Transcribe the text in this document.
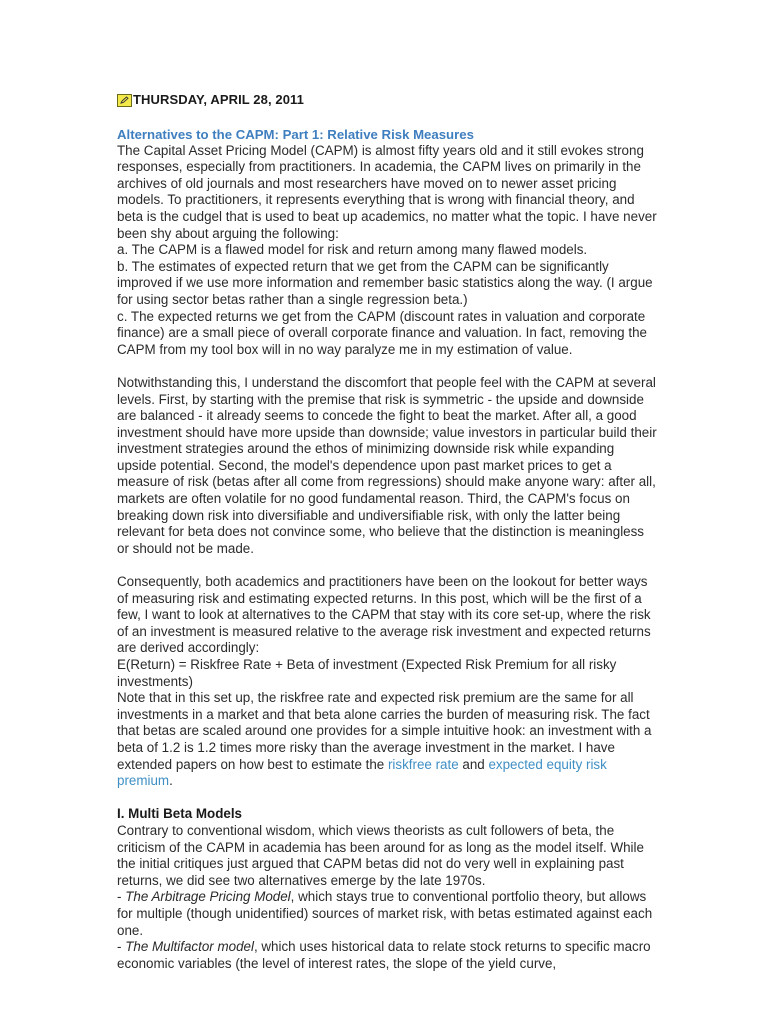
THURSDAY, APRIL 28, 2011
Alternatives to the CAPM: Part 1: Relative Risk Measures

The Capital Asset Pricing Model (CAPM) is almost fifty years old and it still evokes strong responses, especially from practitioners. In academia, the CAPM lives on primarily in the archives of old journals and most researchers have moved on to newer asset pricing models. To practitioners, it represents everything that is wrong with financial theory, and beta is the cudgel that is used to beat up academics, no matter what the topic. I have never been shy about arguing the following:

a. The CAPM is a flawed model for risk and return among many flawed models.

b. The estimates of expected return that we get from the CAPM can be significantly improved if we use more information and remember basic statistics along the way. (I argue for using sector betas rather than a single regression beta.)

c. The expected returns we get from the CAPM (discount rates in valuation and corporate finance) are a small piece of overall corporate finance and valuation. In fact, removing the CAPM from my tool box will in no way paralyze me in my estimation of value.

Notwithstanding this, I understand the discomfort that people feel with the CAPM at several levels. First, by starting with the premise that risk is symmetric - the upside and downside are balanced - it already seems to concede the fight to beat the market. After all, a good investment should have more upside than downside; value investors in particular build their investment strategies around the ethos of minimizing downside risk while expanding upside potential. Second, the model's dependence upon past market prices to get a measure of risk (betas after all come from regressions) should make anyone wary: after all, markets are often volatile for no good fundamental reason. Third, the CAPM's focus on breaking down risk into diversifiable and undiversifiable risk, with only the latter being relevant for beta does not convince some, who believe that the distinction is meaningless or should not be made.

Consequently, both academics and practitioners have been on the lookout for better ways of measuring risk and estimating expected returns. In this post, which will be the first of a few, I want to look at alternatives to the CAPM that stay with its core set-up, where the risk of an investment is measured relative to the average risk investment and expected returns are derived accordingly:

E(Return) = Riskfree Rate + Beta of investment (Expected Risk Premium for all risky investments)

Note that in this set up, the riskfree rate and expected risk premium are the same for all investments in a market and that beta alone carries the burden of measuring risk. The fact that betas are scaled around one provides for a simple intuitive hook: an investment with a beta of 1.2 is 1.2 times more risky than the average investment in the market. I have extended papers on how best to estimate the riskfree rate and expected equity risk premium.

I. Multi Beta Models

Contrary to conventional wisdom, which views theorists as cult followers of beta, the criticism of the CAPM in academia has been around for as long as the model itself. While the initial critiques just argued that CAPM betas did not do very well in explaining past returns, we did see two alternatives emerge by the late 1970s.

- The Arbitrage Pricing Model, which stays true to conventional portfolio theory, but allows for multiple (though unidentified) sources of market risk, with betas estimated against each one.

- The Multifactor model, which uses historical data to relate stock returns to specific macro economic variables (the level of interest rates, the slope of the yield curve,
